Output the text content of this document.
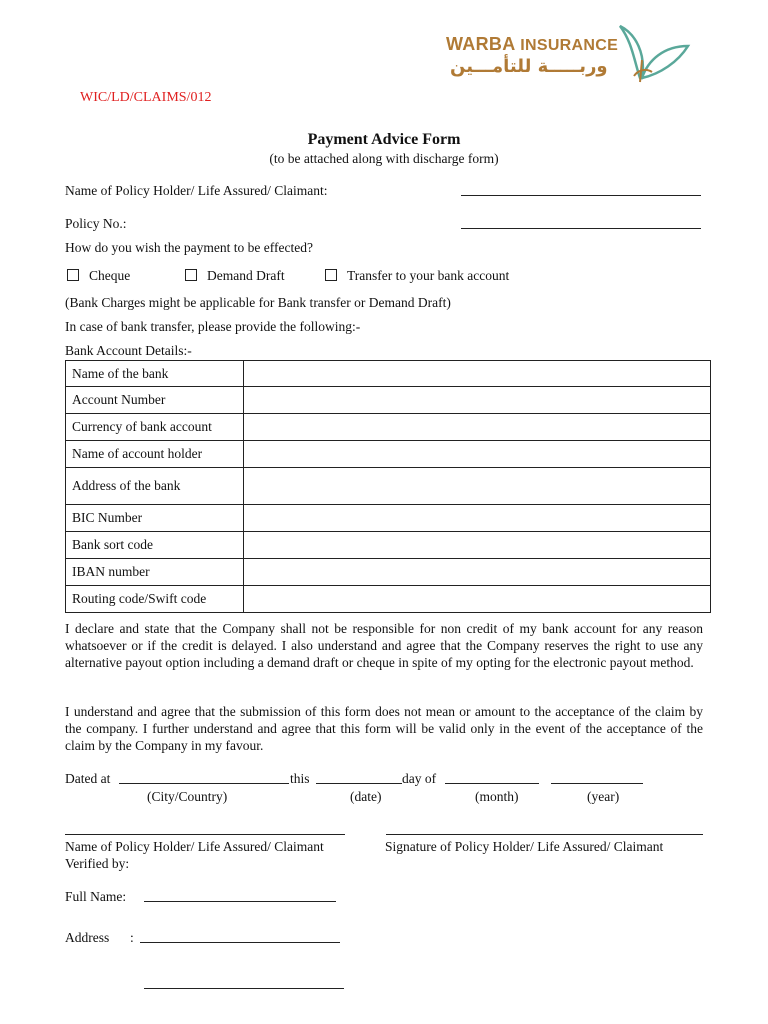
WIC/LD/CLAIMS/012
WARBA INSURANCE
وربـــــة للتأمـــين
Payment Advice Form
(to be attached along with discharge form)
Name of Policy Holder/ Life Assured/ Claimant:
Policy No.:
How do you wish the payment to be effected?
Cheque	Demand Draft	Transfer to your bank account
(Bank Charges might be applicable for Bank transfer or Demand Draft)
In case of bank transfer, please provide the following:-
Bank Account Details:-
Name of the bank	
Account Number	
Currency of bank account	
Name of account holder	
Address of the bank	
BIC Number	
Bank sort code	
IBAN number	
Routing code/Swift code	
I declare and state that the Company shall not be responsible for non credit of my bank account for any reason whatsoever or if the credit is delayed. I also understand and agree that the Company reserves the right to use any alternative payout option including a demand draft or cheque in spite of my opting for the electronic payout method.
I understand and agree that the submission of this form does not mean or amount to the acceptance of the claim by the company. I further understand and agree that this form will be valid only in the event of the acceptance of the claim by the Company in my favour.
Dated at	this	day of
(City/Country)	(date)	(month)	(year)
Name of Policy Holder/ Life Assured/ Claimant	Signature of Policy Holder/ Life Assured/ Claimant
Verified by:
Full Name:
Address :
